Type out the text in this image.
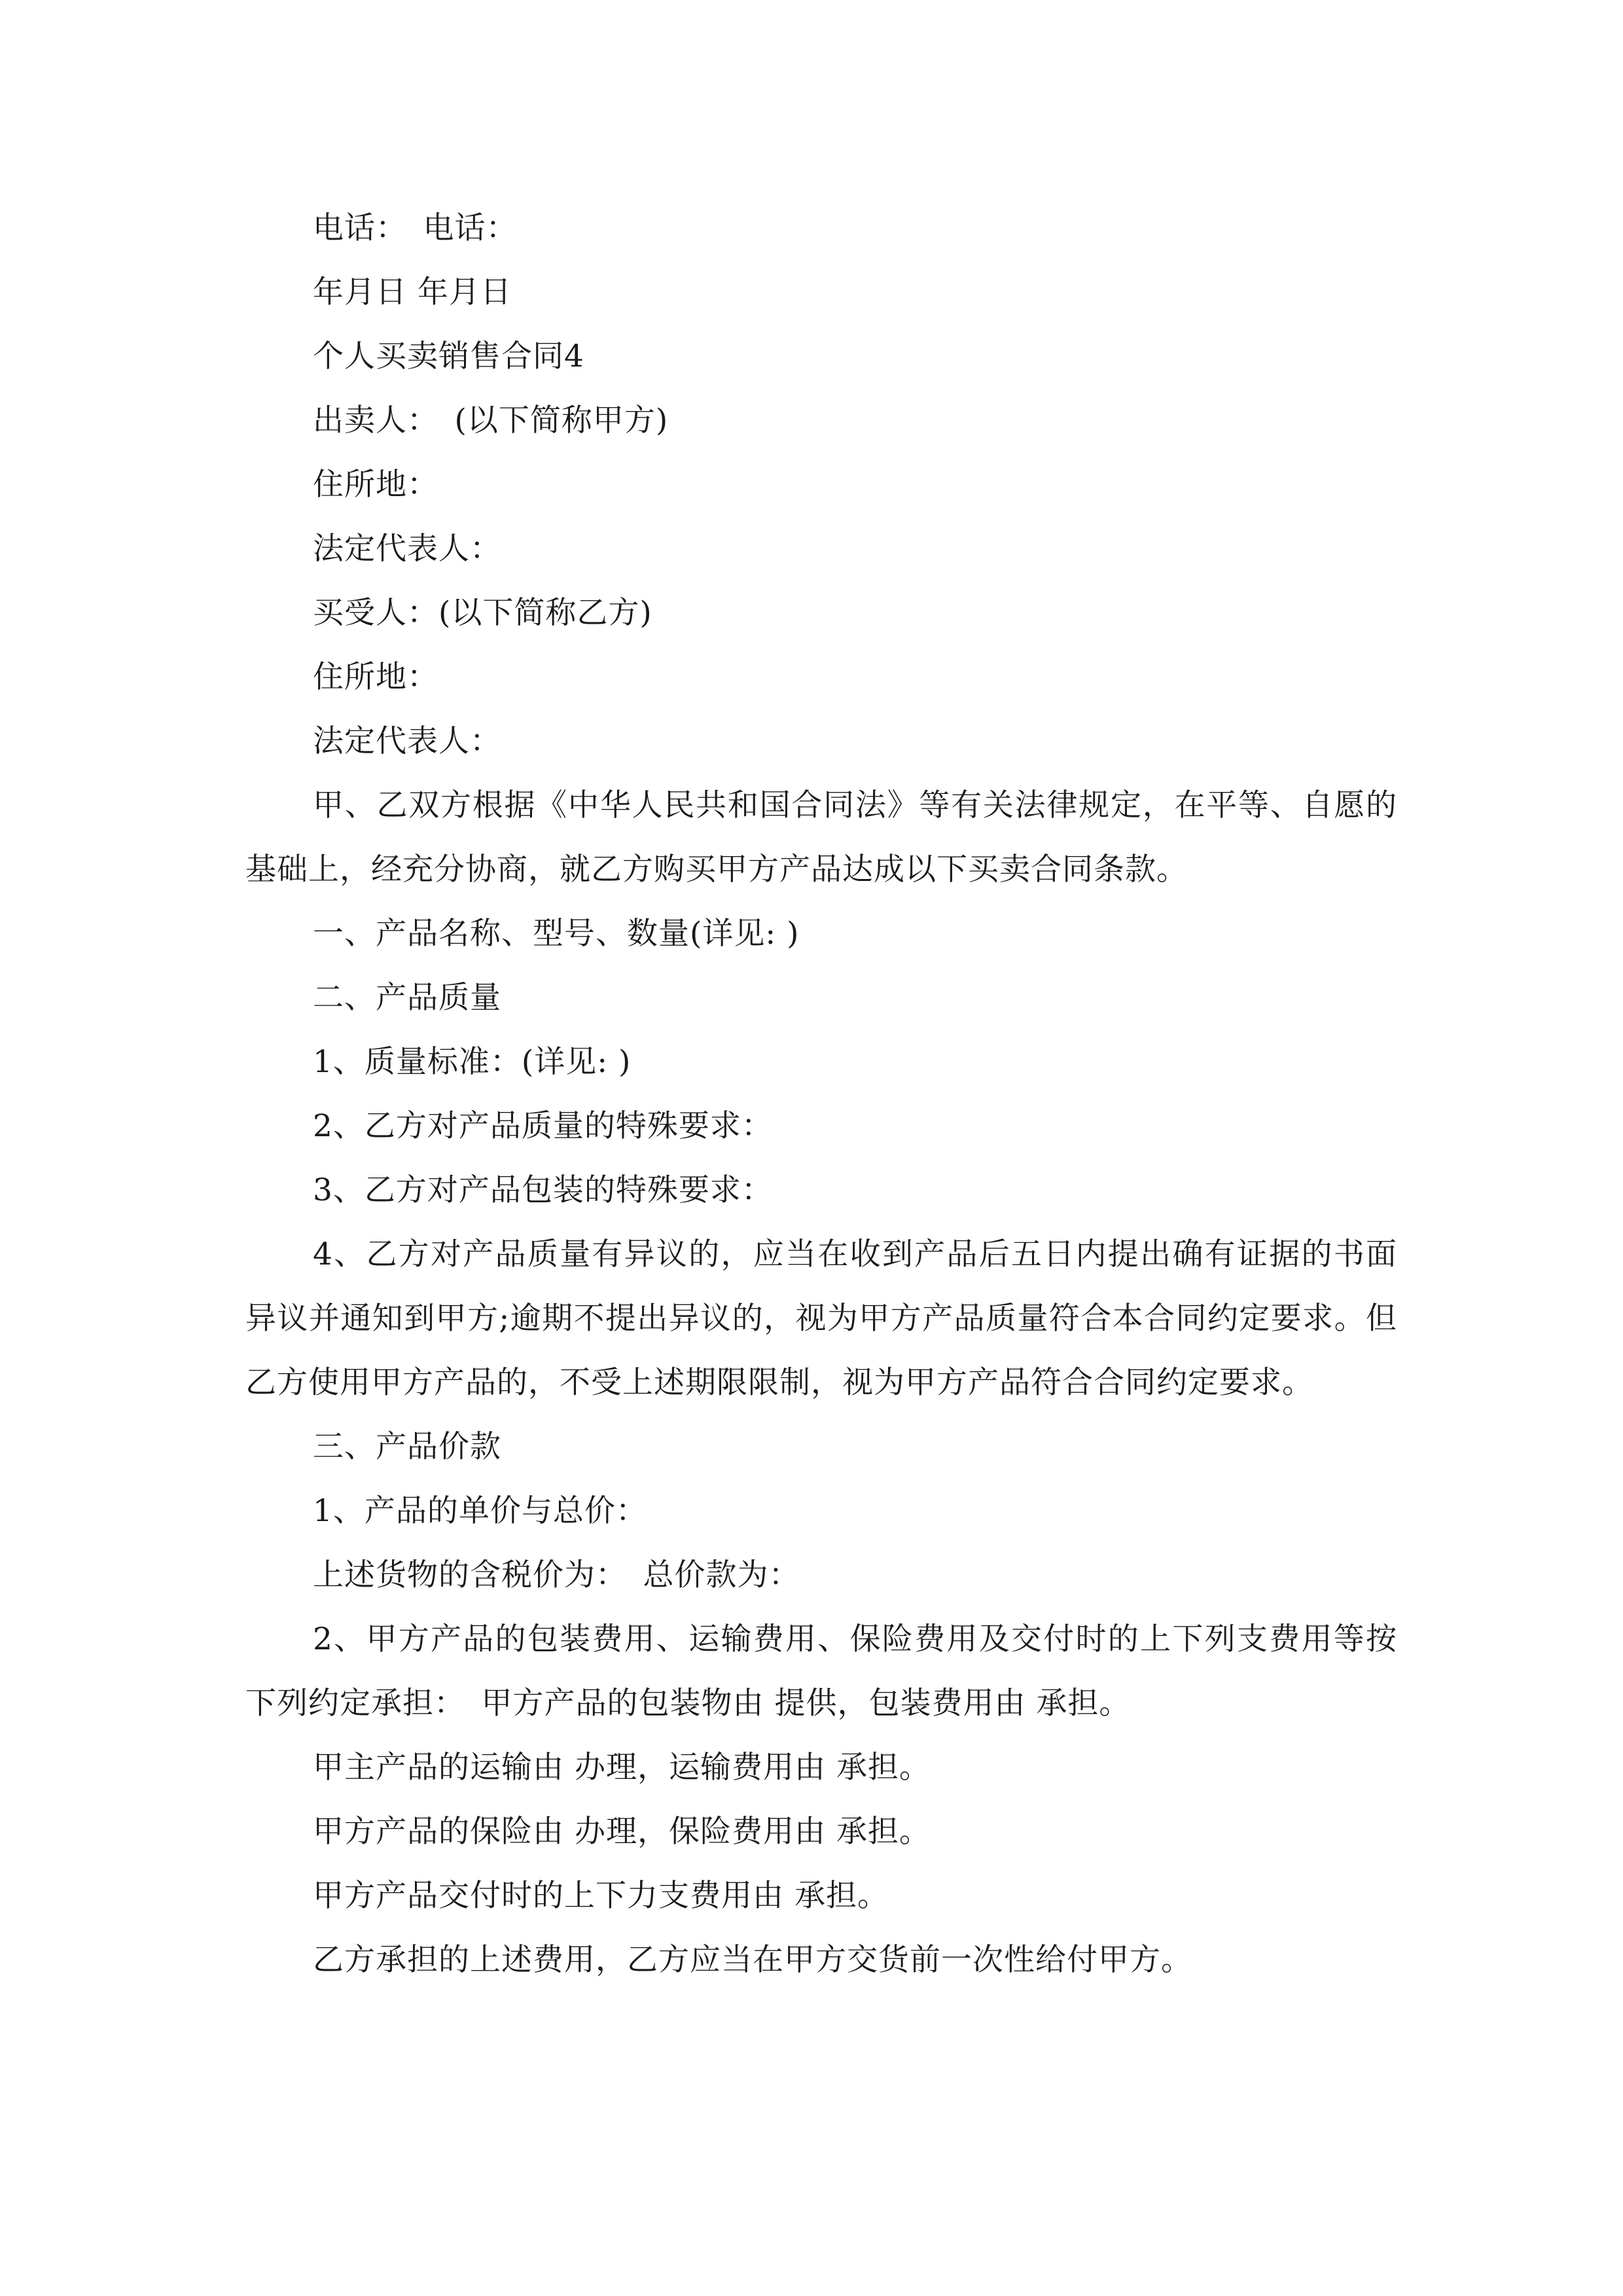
电话：　电话：
年月日 年月日
个人买卖销售合同4
出卖人：　(以下简称甲方)
住所地：
法定代表人：
买受人：(以下简称乙方)
住所地：
法定代表人：

甲、乙双方根据《中华人民共和国合同法》等有关法律规定，在平等、自愿的基础上，经充分协商，就乙方购买甲方产品达成以下买卖合同条款。

一、产品名称、型号、数量(详见: )
二、产品质量
1、质量标准：(详见: )
2、乙方对产品质量的特殊要求：
3、乙方对产品包装的特殊要求：

4、乙方对产品质量有异议的，应当在收到产品后五日内提出确有证据的书面异议并通知到甲方;逾期不提出异议的，视为甲方产品质量符合本合同约定要求。但乙方使用甲方产品的，不受上述期限限制，视为甲方产品符合合同约定要求。

三、产品价款
1、产品的单价与总价：
上述货物的含税价为：　总价款为：

2、甲方产品的包装费用、运输费用、保险费用及交付时的上下列支费用等按下列约定承担：　甲方产品的包装物由 提供，包装费用由 承担。

甲主产品的运输由 办理，运输费用由 承担。
甲方产品的保险由 办理，保险费用由 承担。
甲方产品交付时的上下力支费用由 承担。
乙方承担的上述费用，乙方应当在甲方交货前一次性给付甲方。
